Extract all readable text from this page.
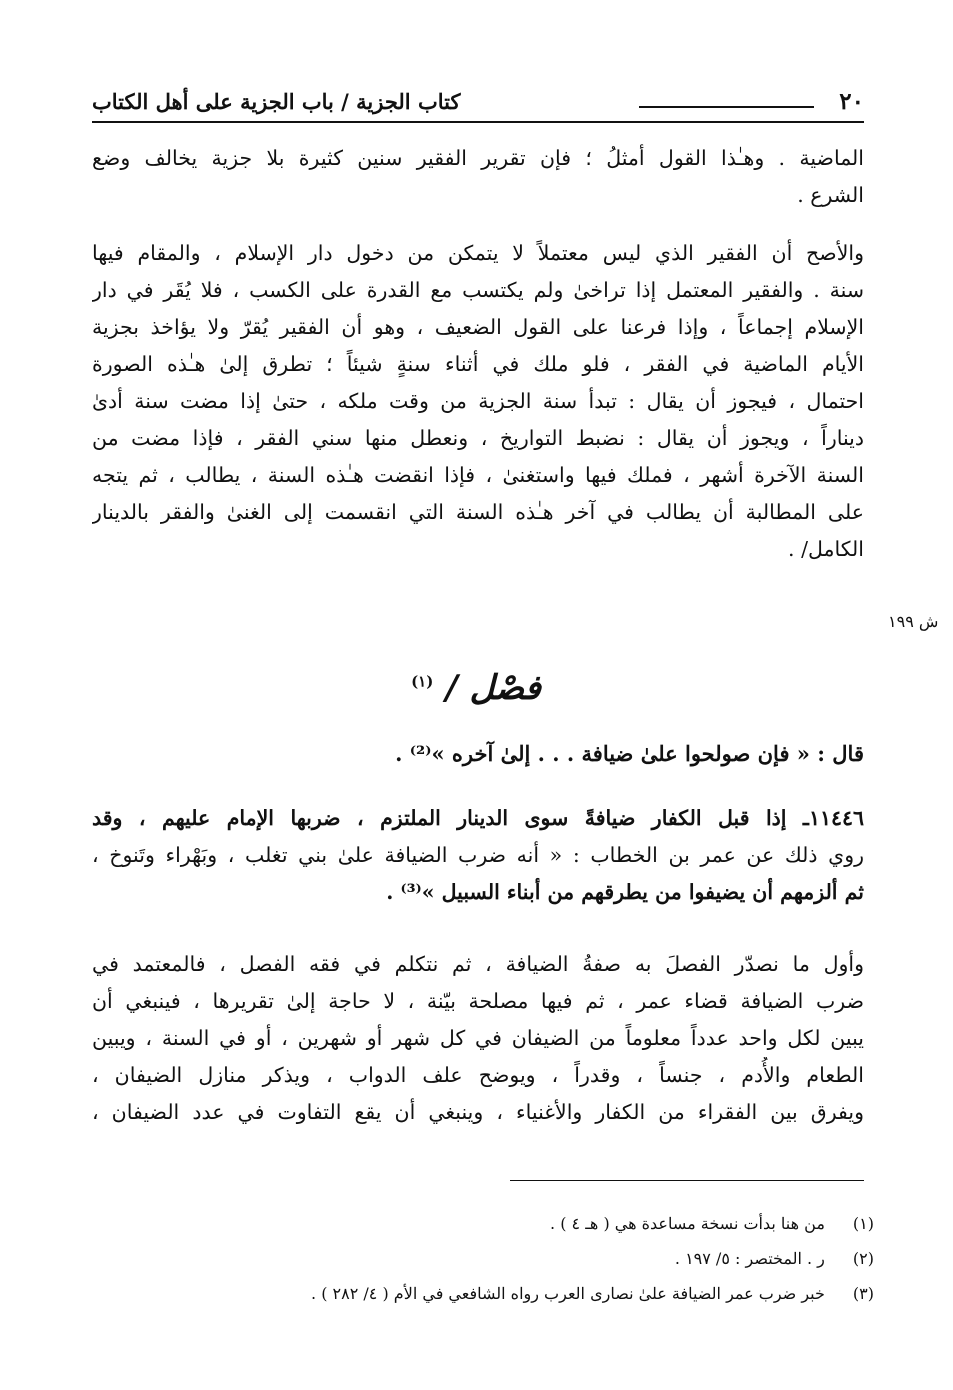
٢٠
كتاب الجزية / باب الجزية على أهل الكتاب
الماضية . وهـٰذا القول أمثلُ ؛ فإن تقرير الفقير سنين كثيرة بلا جزية يخالف وضع
الشرع .
والأصح أن الفقير الذي ليس معتملاً لا يتمكن من دخول دار الإسلام ، والمقام فيها
سنة . والفقير المعتمل إذا تراخىٰ ولم يكتسب مع القدرة على الكسب ، فلا يُقَر في دار
الإسلام إجماعاً ، وإذا فرعنا على القول الضعيف ، وهو أن الفقير يُقرّ ولا يؤاخذ بجزية
الأيام الماضية في الفقر ، فلو ملك في أثناء سنةٍ شيئاً ؛ تطرق إلىٰ هـٰذه الصورة
احتمال ، فيجوز أن يقال : تبدأ سنة الجزية من وقت ملكه ، حتىٰ إذا مضت سنة أدىٰ
ديناراً ، ويجوز أن يقال : نضبط التواريخ ، ونعطل منها سني الفقر ، فإذا مضت من
السنة الآخرة أشهر ، فملك فيها واستغنىٰ ، فإذا انقضت هـٰذه السنة ، يطالب ، ثم يتجه
على المطالبة أن يطالب في آخر هـٰذه السنة التي انقسمت إلى الغنىٰ والفقر بالدينار
الكامل/ .
ش ١٩٩
فصْل / $^{(١)}$
قال : « فإن صولحوا علىٰ ضيافة . . . إلىٰ آخره »⁽²⁾ .
١١٤٤٦ـ إذا قبل الكفار ضيافةً سوى الدينار الملتزم ، ضربها الإمام عليهم ، وقد
روي ذلك عن عمر بن الخطاب : « أنه ضرب الضيافة علىٰ بني تغلب ، وبَهْراء وتَنوخ ،
ثم ألزمهم أن يضيفوا من يطرقهم من أبناء السبيل »⁽³⁾ .
وأول ما نصدّر الفصلَ به صفةُ الضيافة ، ثم نتكلم في فقه الفصل ، فالمعتمد في
ضرب الضيافة قضاء عمر ، ثم فيها مصلحة بيّنة ، لا حاجة إلىٰ تقريرها ، فينبغي أن
يبين لكل واحد عدداً معلوماً من الضيفان في كل شهر أو شهرين ، أو في السنة ، ويبين
الطعام والأُدم ، جنساً ، وقدراً ، ويوضح علف الدواب ، ويذكر منازل الضيفان ،
ويفرق بين الفقراء من الكفار والأغنياء ، وينبغي أن يقع التفاوت في عدد الضيفان ،
(١) من هنا بدأت نسخة مساعدة هي ( هـ ٤ ) .
(٢) ر . المختصر : ٥/ ١٩٧ .
(٣) خبر ضرب عمر الضيافة علىٰ نصارى العرب رواه الشافعي في الأم ( ٤/ ٢٨٢ ) .
